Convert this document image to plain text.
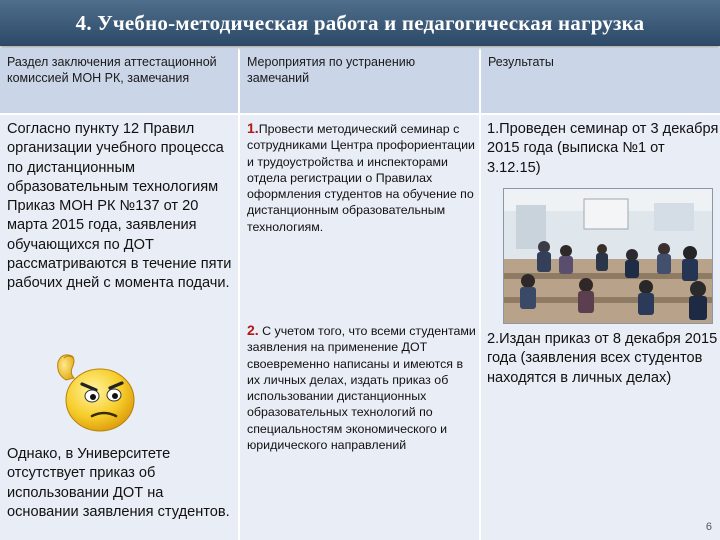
4. Учебно-методическая работа и педагогическая нагрузка
Раздел заключения аттестационной комиссией МОН РК, замечания
Мероприятия по устранению замечаний
Результаты
Согласно пункту 12 Правил организации учебного процесса по дистанционным образовательным технологиям Приказ МОН РК №137 от 20 марта 2015 года, заявления обучающихся по ДОТ рассматриваются в течение пяти рабочих дней с момента подачи.
Однако, в Университете отсутствует приказ об использовании ДОТ на основании заявления студентов.
1.Провести методический семинар с сотрудниками Центра профориентации и трудоустройства и инспекторами отдела регистрации о Правилах оформления студентов на обучение по дистанционным образовательным технологиям.
2. С учетом того, что всеми студентами заявления на применение ДОТ своевременно написаны и имеются в их личных делах, издать приказ об использовании дистанционных образовательных технологий по специальностям экономического и юридического направлений
1.Проведен семинар от 3 декабря 2015 года (выписка №1 от 3.12.15)
2.Издан приказ от 8 декабря 2015 года (заявления всех студентов находятся в личных делах)
6
